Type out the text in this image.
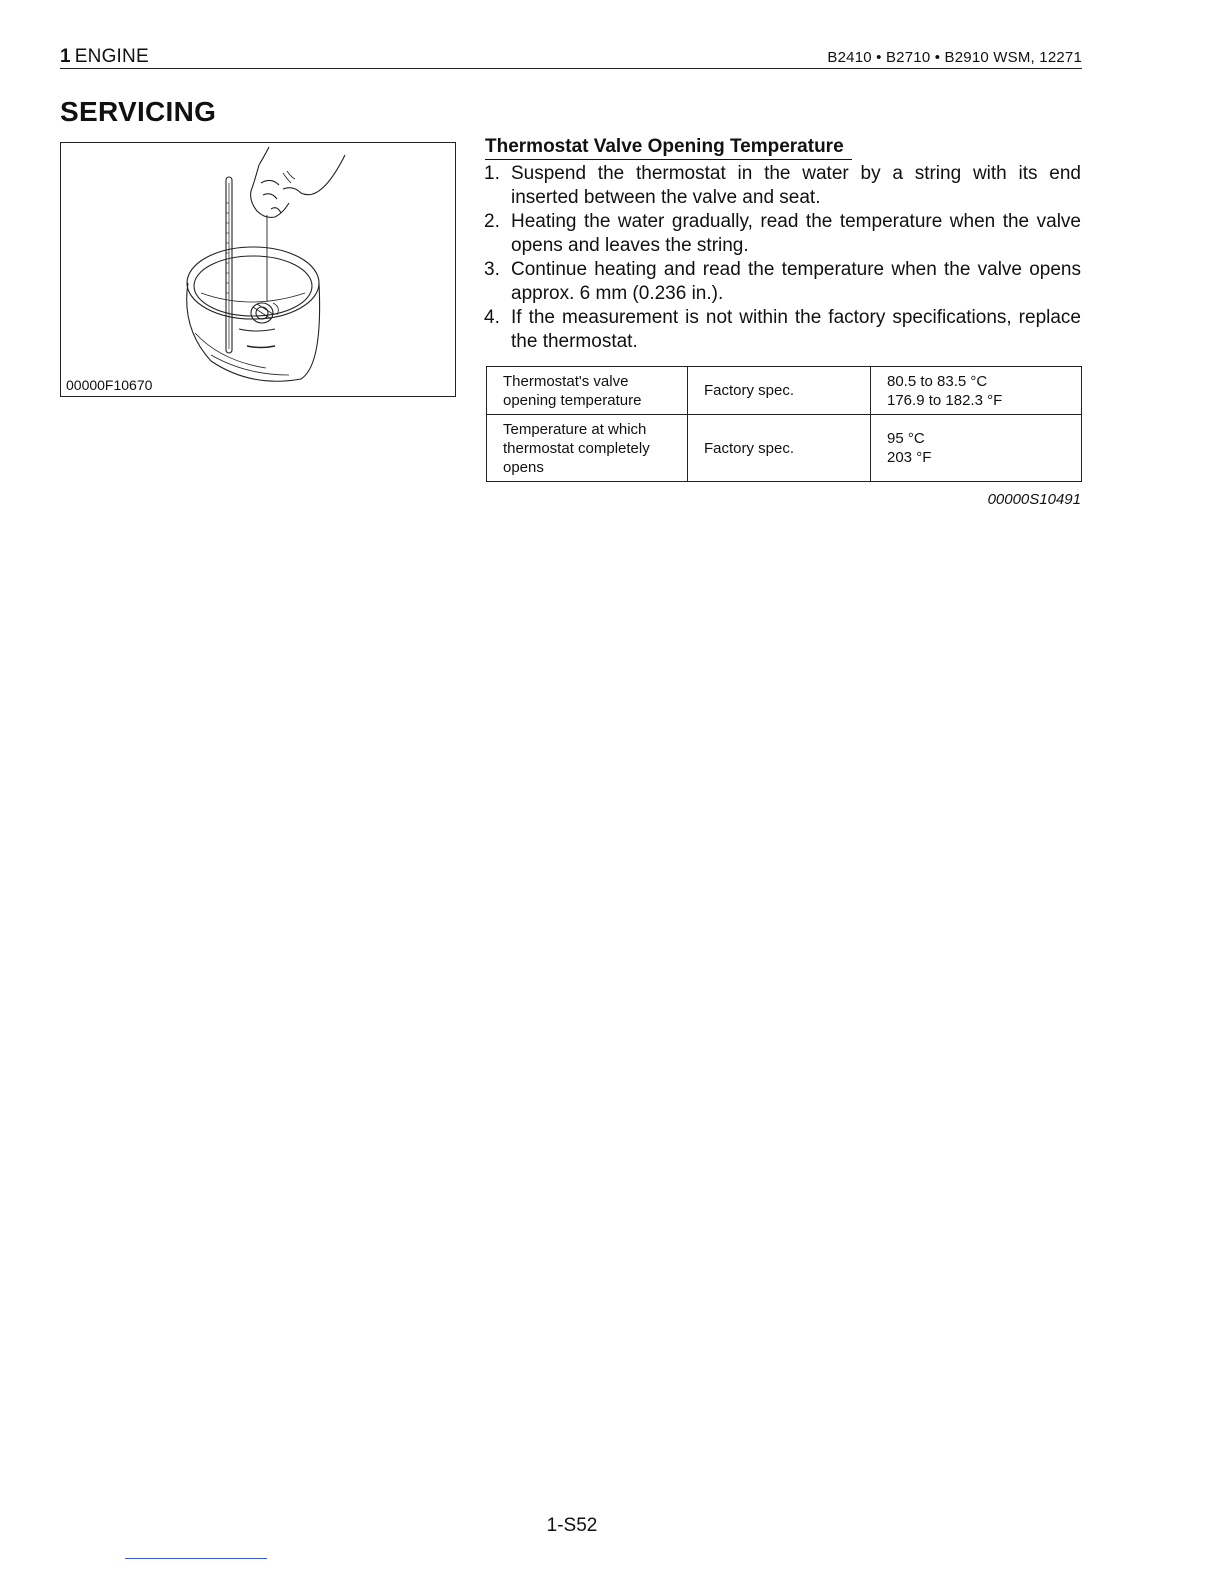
1 ENGINE	B2410 • B2710 • B2910 WSM, 12271
SERVICING
00000F10670
Thermostat Valve Opening Temperature
1. Suspend the thermostat in the water by a string with its end inserted between the valve and seat.
2. Heating the water gradually, read the temperature when the valve opens and leaves the string.
3. Continue heating and read the temperature when the valve opens approx. 6 mm (0.236 in.).
4. If the measurement is not within the factory specifications, replace the thermostat.
Thermostat's valve opening temperature	Factory spec.	80.5 to 83.5 °C
176.9 to 182.3 °F

Temperature at which thermostat completely opens	Factory spec.	95 °C
203 °F
00000S10491
1-S52
